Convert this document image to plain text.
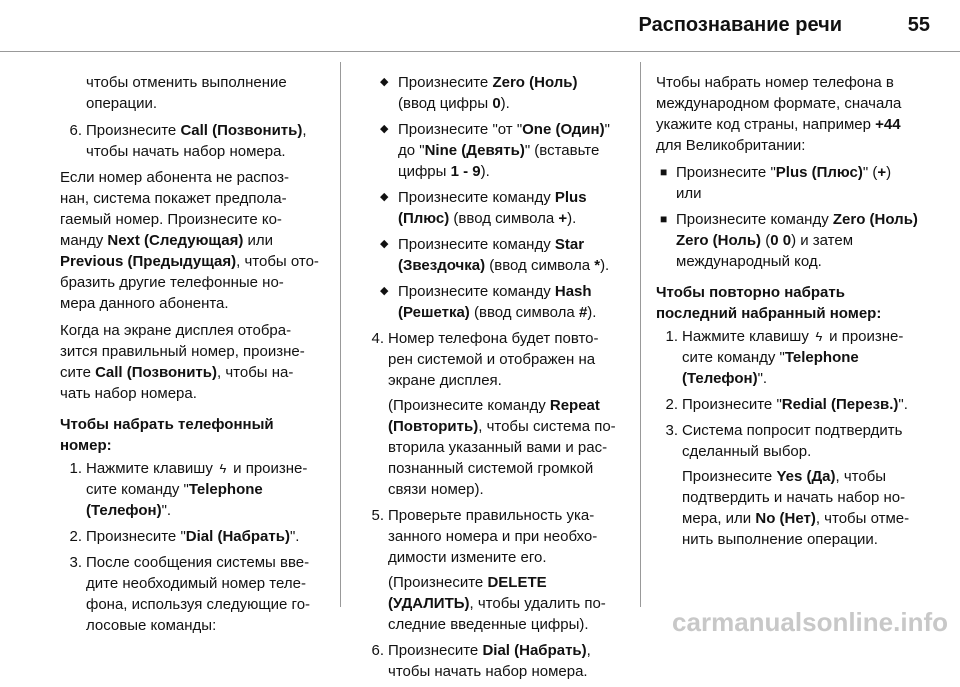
Распознавание речи	55

чтобы отменить выполнение
операции.

6. Произнесите Call (Позвонить),
чтобы начать набор номера.

Если номер абонента не распоз-
нан, система покажет предпола-
гаемый номер. Произнесите ко-
манду Next (Следующая) или
Previous (Предыдущая), чтобы ото-
бразить другие телефонные но-
мера данного абонента.

Когда на экране дисплея отобра-
зится правильный номер, произне-
сите Call (Позвонить), чтобы на-
чать набор номера.

Чтобы набрать телефонный
номер:

1. Нажмите клавишу ϟ и произне-
сите команду "Telephone (Телефон)".
2. Произнесите "Dial (Набрать)".
3. После сообщения системы вве-
дите необходимый номер теле-
фона, используя следующие го-
лосовые команды:
◆ Произнесите Zero (Ноль)
(ввод цифры 0).
◆ Произнесите "от "One (Один)"
до "Nine (Девять)" (вставьте
цифры 1 - 9).
◆ Произнесите команду Plus (Плюс) (ввод символа +).
◆ Произнесите команду Star (Звездочка) (ввод символа *).
◆ Произнесите команду Hash (Решетка) (ввод символа #).
4. Номер телефона будет повто-
рен системой и отображен на
экране дисплея.
(Произнесите команду Repeat (Повторить), чтобы система по-
вторила указанный вами и рас-
познанный системой громкой
связи номер).
5. Проверьте правильность ука-
занного номера и при необхо-
димости измените его.
(Произнесите DELETE (УДАЛИТЬ), чтобы удалить по-
следние введенные цифры).
6. Произнесите Dial (Набрать),
чтобы начать набор номера.

Чтобы набрать номер телефона в
международном формате, сначала
укажите код страны, например +44
для Великобритании:

■ Произнесите "Plus (Плюс)" (+)
или
■ Произнесите команду Zero (Ноль) Zero (Ноль) (0 0) и затем
международный код.

Чтобы повторно набрать
последний набранный номер:

1. Нажмите клавишу ϟ и произне-
сите команду "Telephone (Телефон)".
2. Произнесите "Redial (Перезв.)".
3. Система попросит подтвердить
сделанный выбор.
Произнесите Yes (Да), чтобы
подтвердить и начать набор но-
мера, или No (Нет), чтобы отме-
нить выполнение операции.
carmanualsonline.info
